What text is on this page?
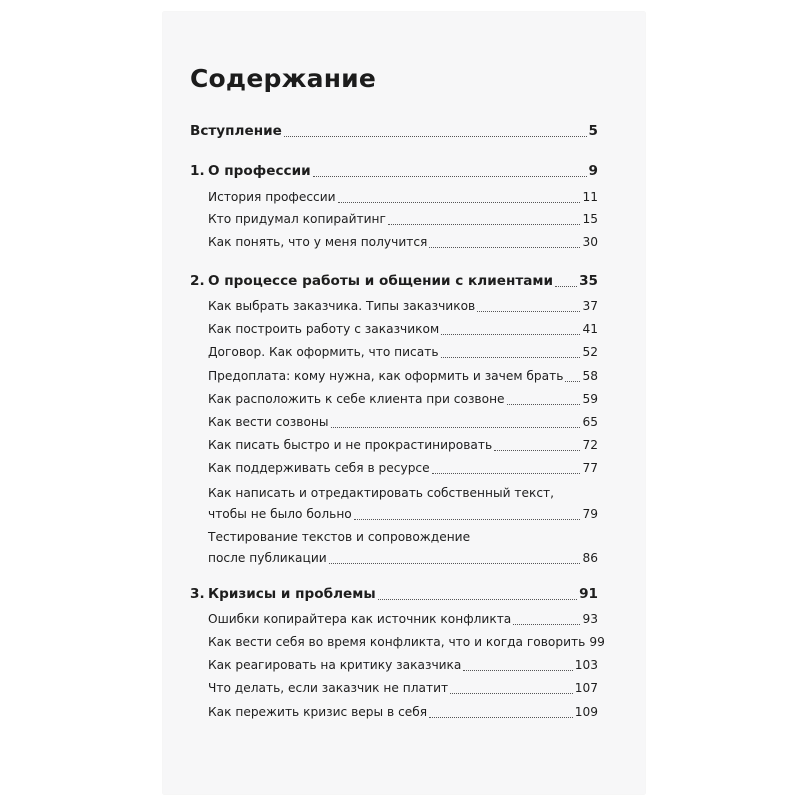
Содержание
Вступление	5
1. О профессии	9
История профессии	11
Кто придумал копирайтинг	15
Как понять, что у меня получится	30
2. О процессе работы и общении с клиентами 35
Как выбрать заказчика. Типы заказчиков	37
Как построить работу с заказчиком	41
Договор. Как оформить, что писать	52
Предоплата: кому нужна, как оформить и зачем брать 58
Как расположить к себе клиента при созвоне	59
Как вести созвоны	65
Как писать быстро и не прокрастинировать	72
Как поддерживать себя в ресурсе	77
Как написать и отредактировать собственный текст,
чтобы не было больно	79
Тестирование текстов и сопровождение
после публикации	86
3. Кризисы и проблемы	91
Ошибки копирайтера как источник конфликта	93
Как вести себя во время конфликта, что и когда говорить 99
Как реагировать на критику заказчика	103
Что делать, если заказчик не платит	107
Как пережить кризис веры в себя	109
